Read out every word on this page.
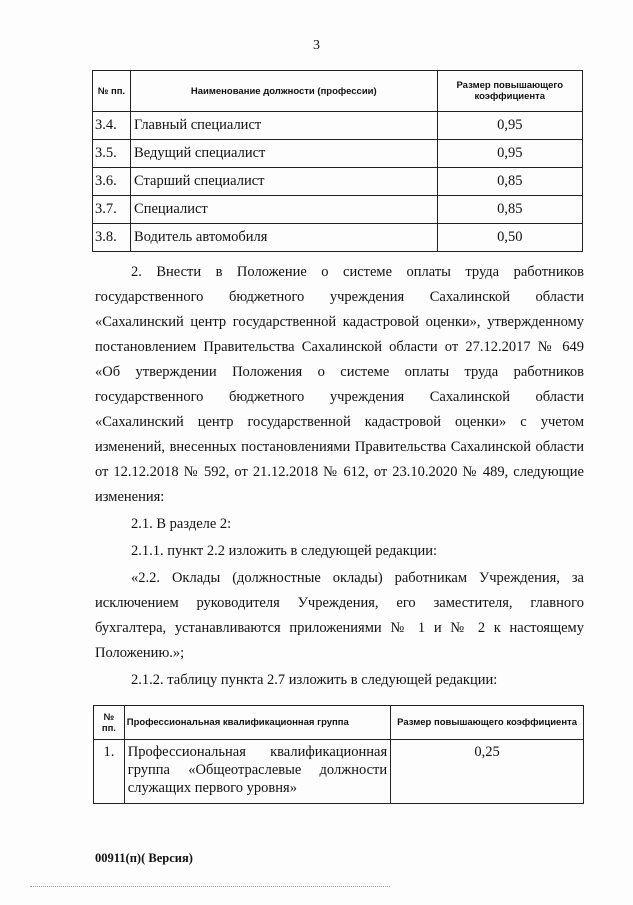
3
№ пп.	Наименование должности (профессии)	Размер повышающего коэффициента
3.4.	Главный специалист	0,95
3.5.	Ведущий специалист	0,95
3.6.	Старший специалист	0,85
3.7.	Специалист	0,85
3.8.	Водитель автомобиля	0,50

2. Внести в Положение о системе оплаты труда работников государственного бюджетного учреждения Сахалинской области «Сахалинский центр государственной кадастровой оценки», утвержденному постановлением Правительства Сахалинской области от 27.12.2017 № 649 «Об утверждении Положения о системе оплаты труда работников государственного бюджетного учреждения Сахалинской области «Сахалинский центр государственной кадастровой оценки» с учетом изменений, внесенных постановлениями Правительства Сахалинской области от 12.12.2018 № 592, от 21.12.2018 № 612, от 23.10.2020 № 489, следующие изменения:

2.1. В разделе 2:

2.1.1. пункт 2.2 изложить в следующей редакции:

«2.2. Оклады (должностные оклады) работникам Учреждения, за исключением руководителя Учреждения, его заместителя, главного бухгалтера, устанавливаются приложениями № 1 и № 2 к настоящему Положению.»;

2.1.2. таблицу пункта 2.7 изложить в следующей редакции:

№ пп.	Профессиональная квалификационная группа	Размер повышающего коэффициента
1.	Профессиональная квалификационная группа «Общеотраслевые должности служащих первого уровня»	0,25
00911(п)( Версия)
